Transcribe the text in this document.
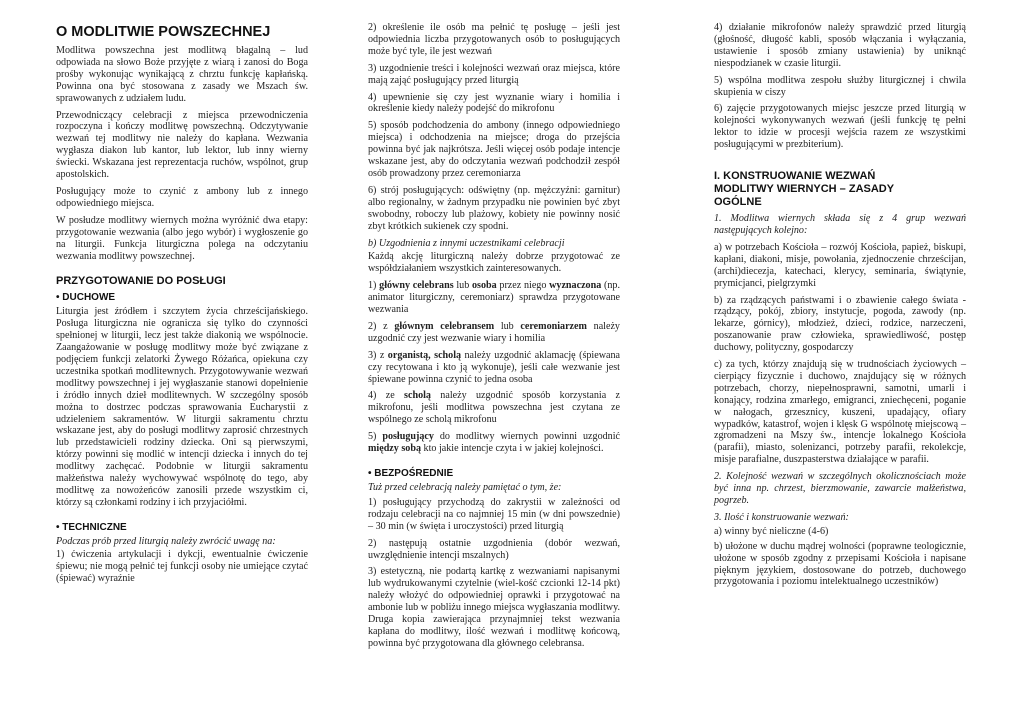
O MODLITWIE POWSZECHNEJ

Modlitwa powszechna jest modlitwą błagalną – lud odpowiada na słowo Boże przyjęte z wiarą i zanosi do Boga prośby wykonując wynikającą z chrztu funkcję kapłańską. Powinna ona być stosowana z zasady we Mszach św. sprawowanych z udziałem ludu.

Przewodniczący celebracji z miejsca przewodniczenia rozpoczyna i kończy modlitwę powszechną. Odczytywanie wezwań tej modlitwy nie należy do kapłana. Wezwania wygłasza diakon lub kantor, lub lektor, lub inny wierny świecki. Wskazana jest reprezentacja ruchów, wspólnot, grup apostolskich.

Posługujący może to czynić z ambony lub z innego odpowiedniego miejsca.

W posłudze modlitwy wiernych można wyróżnić dwa etapy: przygotowanie wezwania (albo jego wybór) i wygłoszenie go na liturgii. Funkcja liturgiczna polega na odczytaniu wezwania modlitwy powszechnej.

PRZYGOTOWANIE DO POSŁUGI
• DUCHOWE

Liturgia jest źródłem i szczytem życia chrześcijańskiego. Posługa liturgiczna nie ogranicza się tylko do czynności spełnionej w liturgii, lecz jest także diakonią we wspólnocie. Zaangażowanie w posługę modlitwy może być związane z podjęciem funkcji zelatorki Żywego Różańca, opiekuna czy uczestnika spotkań modlitewnych. Przygotowywanie wezwań modlitwy powszechnej i jej wygłaszanie stanowi dopełnienie i źródło innych dzieł modlitewnych. W szczególny sposób można to dostrzec podczas sprawowania Eucharystii z udzieleniem sakramentów. W liturgii sakramentu chrztu wskazane jest, aby do posługi modlitwy zaprosić chrzestnych lub przedstawicieli rodziny dziecka. Oni są pierwszymi, którzy powinni się modlić w intencji dziecka i innych do tej modlitwy zachęcać. Podobnie w liturgii sakramentu małżeństwa należy wychowywać wspólnotę do tego, aby modlitwę za nowożeńców zanosili przede wszystkim ci, którzy są członkami rodziny i ich przyjaciółmi.

• TECHNICZNE

Podczas prób przed liturgią należy zwrócić uwagę na:

1) ćwiczenia artykulacji i dykcji, ewentualnie ćwiczenie śpiewu; nie mogą pełnić tej funkcji osoby nie umiejące czytać (śpiewać) wyraźnie

2) określenie ile osób ma pełnić tę posługę – jeśli jest odpowiednia liczba przygotowanych osób to posługujących może być tyle, ile jest wezwań

3) uzgodnienie treści i kolejności wezwań oraz miejsca, które mają zająć posługujący przed liturgią

4) upewnienie się czy jest wyznanie wiary i homilia i określenie kiedy należy podejść do mikrofonu

5) sposób podchodzenia do ambony (innego odpowiedniego miejsca) i odchodzenia na miejsce; droga do przejścia powinna być jak najkrótsza. Jeśli więcej osób podaje intencje wskazane jest, aby do odczytania wezwań podchodził zespół osób prowadzony przez ceremoniarza

6) strój posługujących: odświętny (np. mężczyźni: garnitur) albo regionalny, w żadnym przypadku nie powinien być zbyt swobodny, roboczy lub plażowy, kobiety nie powinny nosić zbyt krótkich sukienek czy spodni.

b) Uzgodnienia z innymi uczestnikami celebracji

Każdą akcję liturgiczną należy dobrze przygotować ze współdziałaniem wszystkich zainteresowanych.

1) główny celebrans lub osoba przez niego wyznaczona (np. animator liturgiczny, ceremoniarz) sprawdza przygotowane wezwania

2) z głównym celebransem lub ceremoniarzem należy uzgodnić czy jest wezwanie wiary i homilia

3) z organistą, scholą należy uzgodnić aklamację (śpiewana czy recytowana i kto ją wykonuje), jeśli całe wezwanie jest śpiewane powinna czynić to jedna osoba

4) ze scholą należy uzgodnić sposób korzystania z mikrofonu, jeśli modlitwa powszechna jest czytana ze wspólnego ze scholą mikrofonu

5) posługujący do modlitwy wiernych powinni uzgodnić między sobą kto jakie intencje czyta i w jakiej kolejności.

• BEZPOŚREDNIE

Tuż przed celebracją należy pamiętać o tym, że:

1) posługujący przychodzą do zakrystii w zależności od rodzaju celebracji na co najmniej 15 min (w dni powszednie) – 30 min (w święta i uroczystości) przed liturgią

2) następują ostatnie uzgodnienia (dobór wezwań, uwzględnienie intencji mszalnych)

3) estetyczną, nie podartą kartkę z wezwaniami napisanymi lub wydrukowanymi czytelnie (wiel-kość czcionki 12-14 pkt) należy włożyć do odpowiedniej oprawki i przygotować na ambonie lub w pobliżu innego miejsca wygłaszania modlitwy. Druga kopia zawierająca przynajmniej tekst wezwania kapłana do modlitwy, ilość wezwań i modlitwę końcową, powinna być przygotowana dla głównego celebransa.

4) działanie mikrofonów należy sprawdzić przed liturgią (głośność, długość kabli, sposób włączania i wyłączania, ustawienie i sposób zmiany ustawienia) by uniknąć niespodzianek w czasie liturgii.

5) wspólna modlitwa zespołu służby liturgicznej i chwila skupienia w ciszy

6) zajęcie przygotowanych miejsc jeszcze przed liturgią w kolejności wykonywanych wezwań (jeśli funkcję tę pełni lektor to idzie w procesji wejścia razem ze wszystkimi posługującymi w prezbiterium).

I. KONSTRUOWANIE WEZWAŃ MODLITWY WIERNYCH – ZASADY OGÓLNE

1. Modlitwa wiernych składa się z 4 grup wezwań następujących kolejno:

a) w potrzebach Kościoła – rozwój Kościoła, papież, biskupi, kapłani, diakoni, misje, powołania, zjednoczenie chrześcijan, (archi)diecezja, katechaci, klerycy, seminaria, świątynie, prymicjanci, pielgrzymki

b) za rządzących państwami i o zbawienie całego świata - rządzący, pokój, zbiory, instytucje, pogoda, zawody (np. lekarze, górnicy), młodzież, dzieci, rodzice, narzeczeni, poszanowanie praw człowieka, sprawiedliwość, postęp duchowy, polityczny, gospodarczy

c) za tych, którzy znajdują się w trudnościach życiowych – cierpiący fizycznie i duchowo, znajdujący się w różnych potrzebach, chorzy, niepełnosprawni, samotni, umarli i konający, rodzina zmarłego, emigranci, zniechęceni, poganie w nałogach, grzesznicy, kuszeni, upadający, ofiary wypadków, katastrof, wojen i klęsk G wspólnotę miejscową – zgromadzeni na Mszy św., intencje lokalnego Kościoła (parafii), miasto, solenizanci, potrzeby parafii, rekolekcje, misje parafialne, duszpasterstwa działające w parafii.

2. Kolejność wezwań w szczególnych okolicznościach może być inna np. chrzest, bierzmowanie, zawarcie małżeństwa, pogrzeb.

3. Ilość i konstruowanie wezwań:

a) winny być nieliczne (4-6)

b) ułożone w duchu mądrej wolności (poprawne teologicznie, ułożone w sposób zgodny z przepisami Kościoła i napisane pięknym językiem, dostosowane do potrzeb, duchowego przygotowania i poziomu intelektualnego uczestników)
